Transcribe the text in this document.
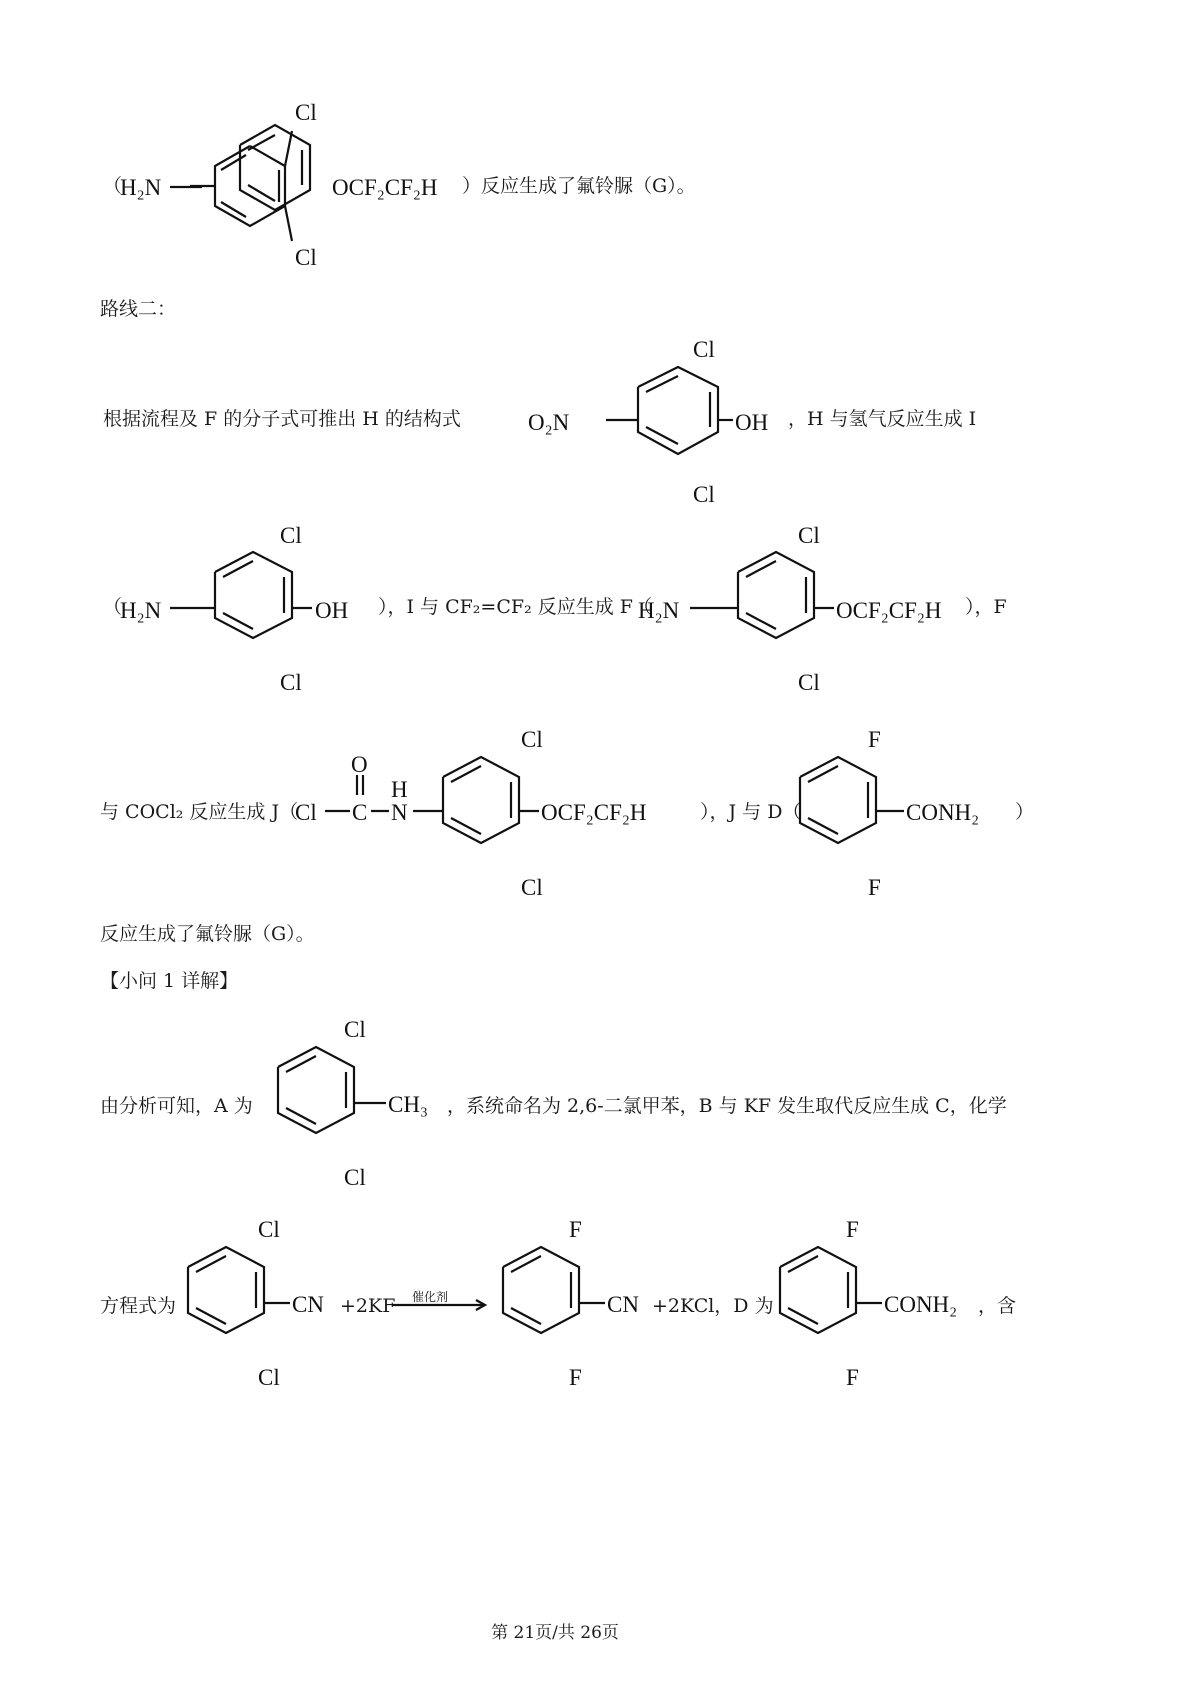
（
H₂N
Cl
Cl
OCF₂CF₂H ）反应生成了氟铃脲（G）。
路线二：
根据流程及 F 的分子式可推出 H 的结构式	O₂N
Cl
Cl
OH ，H 与氢气反应生成 I
（
H₂N
Cl
Cl
OH ），I 与 CF₂=CF₂ 反应生成 F（
H₂N
Cl
Cl
OCF₂CF₂H ），F
与 COCl₂ 反应生成 J（
Cl C
O
H
N
Cl
Cl
OCF₂CF₂H	），J 与 D（
F
F
CONH₂ ）
反应生成了氟铃脲（G）。
【小问 1 详解】
由分析可知，A 为
Cl
Cl
CH₃ ，系统命名为 2,6-二氯甲苯，B 与 KF 发生取代反应生成 C，化学
方程式为
Cl
Cl
CN +2KF 催化剂
F
F
CN +2KCl，D 为
F
F
CONH₂ ，含
第 21页/共 26页
